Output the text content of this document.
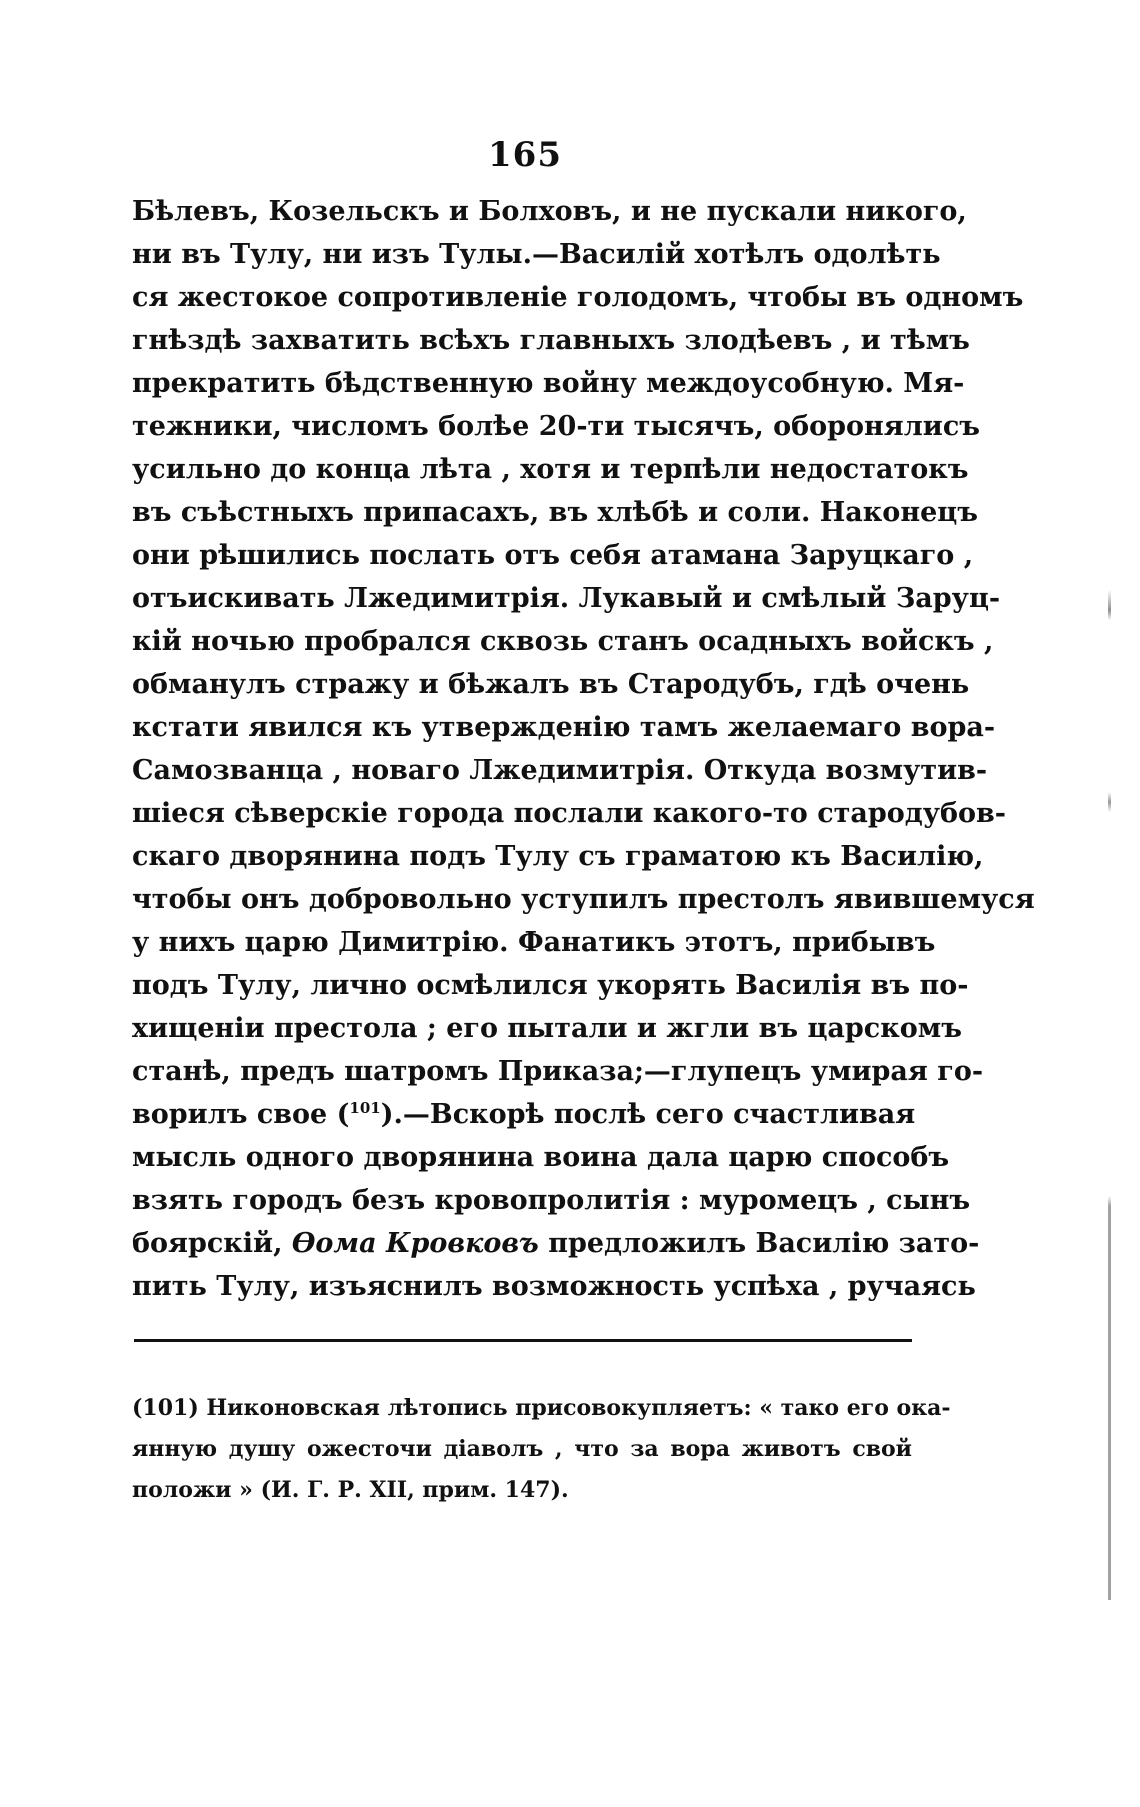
165
Бѣлевъ, Козельскъ и Болховъ, и не пускали никого,
ни въ Тулу, ни изъ Тулы.—Василій хотѣлъ одолѣть
ся жестокое сопротивленіе голодомъ, чтобы въ одномъ
гнѣздѣ захватить всѣхъ главныхъ злодѣевъ , и тѣмъ
прекратить бѣдственную войну междоусобную. Мя-
тежники, числомъ болѣе 20-ти тысячъ, оборонялисъ
усильно до конца лѣта , хотя и терпѣли недостатокъ
въ съѣстныхъ припасахъ, въ хлѣбѣ и соли. Наконецъ
они рѣшились послать отъ себя атамана Заруцкаго ,
отъискивать Лжедимитрія. Лукавый и смѣлый Заруц-
кій ночью пробрался сквозь станъ осадныхъ войскъ ,
обманулъ стражу и бѣжалъ въ Стародубъ, гдѣ очень
кстати явился къ утвержденію тамъ желаемаго вора-
Самозванца , новаго Лжедимитрія. Откуда возмутив-
шіеся сѣверскіе города послали какого-то стародубов-
скаго дворянина подъ Тулу съ граматою къ Василію,
чтобы онъ добровольно уступилъ престолъ явившемуся
у нихъ царю Димитрію. Фанатикъ этотъ, прибывъ
подъ Тулу, лично осмѣлился укорять Василія въ по-
хищеніи престола ; его пытали и жгли въ царскомъ
станѣ, предъ шатромъ Приказа;—глупецъ умирая го-
ворилъ свое ($^{101}$).—Вскорѣ послѣ сего счастливая
мысль одного дворянина воина дала царю способъ
взять городъ безъ кровопролитія : муромецъ , сынъ
боярскій, Ѳома Кровковъ предложилъ Василію зато-
пить Тулу, изъяснилъ возможность успѣха , ручаясь
(101) Никоновская лѣтопись присовокупляетъ: « тако его ока-
янную душу ожесточи діаволъ , что за вора животъ свой
положи » (И. Г. Р. XII, прим. 147).
